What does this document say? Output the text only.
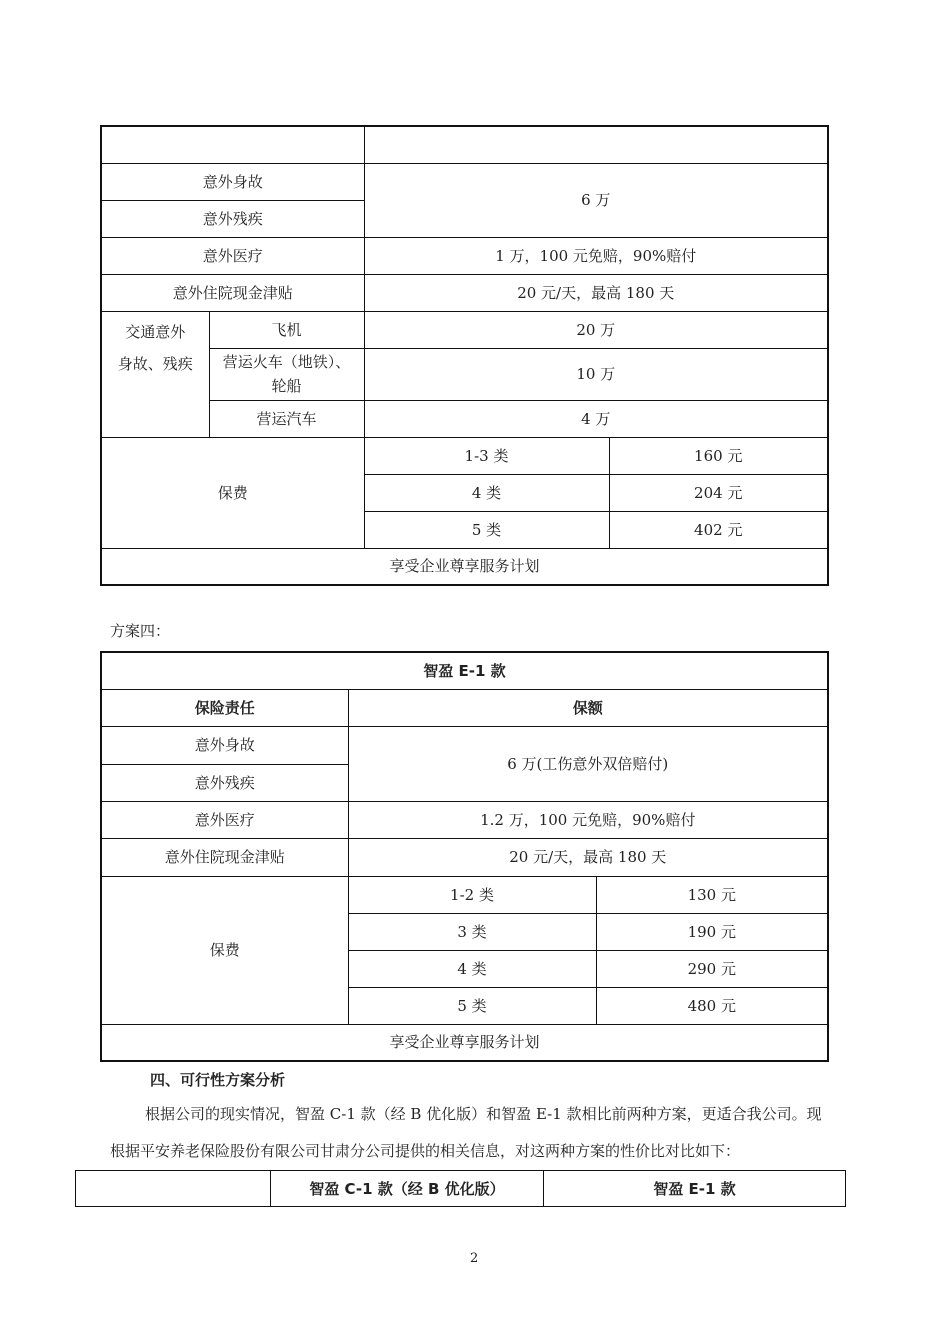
意外身故		6 万	
意外残疾			
意外医疗		1 万，100 元免赔，90%赔付	
意外住院现金津贴		20 元/天，最高 180 天	

交通意外
身故、残疾	飞机	20 万	

	营运火车（地铁）、
轮船	10 万	
	营运汽车	4 万	
保费		1-3 类	160 元
		4 类	204 元
		5 类	402 元
享受企业尊享服务计划			
方案四：
智盈 E-1 款		
保险责任	保额	
意外身故	6 万(工伤意外双倍赔付)	
意外残疾		
意外医疗	1.2 万，100 元免赔，90%赔付	
意外住院现金津贴	20 元/天，最高 180 天	
保费	1-2 类	130 元
	3 类	190 元
	4 类	290 元
	5 类	480 元
享受企业尊享服务计划		
四、可行性方案分析
根据公司的现实情况，智盈 C-1 款（经 B 优化版）和智盈 E-1 款相比前两种方案，更适合我公司。现
根据平安养老保险股份有限公司甘肃分公司提供的相关信息，对这两种方案的性价比对比如下：
	智盈 C-1 款（经 B 优化版）	智盈 E-1 款
2
